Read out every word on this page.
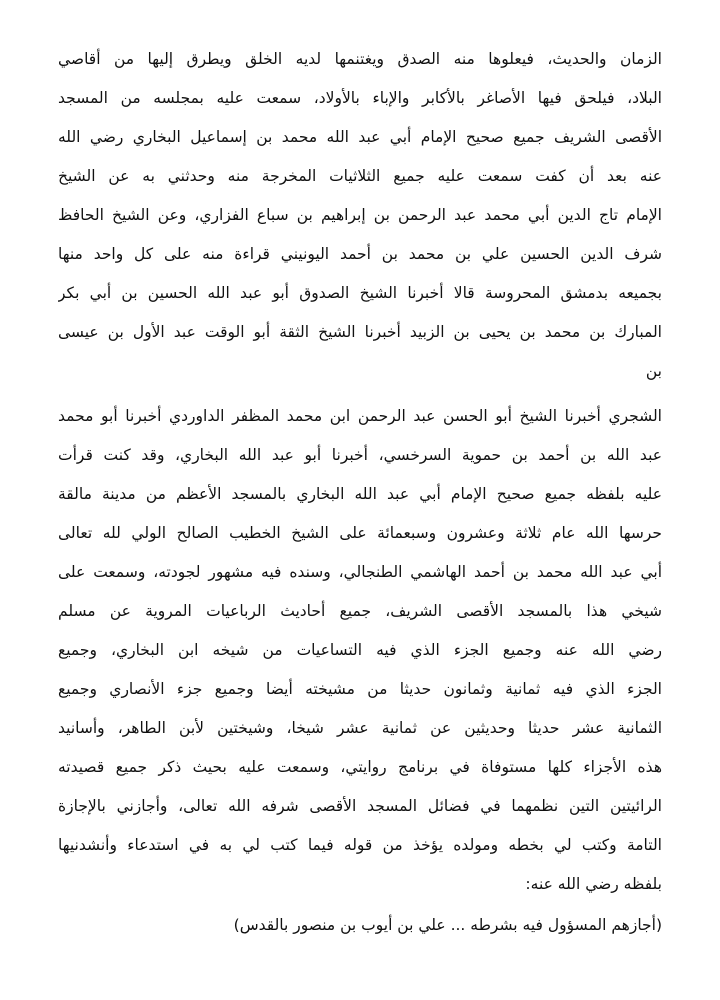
الزمان والحديث، فيعلوها منه الصدق ويغتنمها لديه الخلق ويطرق إليها من أقاصي
البلاد، فيلحق فيها الأصاغر بالأكابر والإباء بالأولاد، سمعت عليه بمجلسه من المسجد
الأقصى الشريف جميع صحيح الإمام أبي عبد الله محمد بن إسماعيل البخاري رضي الله
عنه بعد أن كفت سمعت عليه جميع الثلاثيات المخرجة منه وحدثني به عن الشيخ
الإمام تاج الدين أبي محمد عبد الرحمن بن إبراهيم بن سباع الفزاري، وعن الشيخ الحافظ
شرف الدين الحسين علي بن محمد بن أحمد اليونيني قراءة منه على كل واحد منها
بجميعه بدمشق المحروسة قالا أخبرنا الشيخ الصدوق أبو عبد الله الحسين بن أبي بكر
المبارك بن محمد بن يحيى بن الزبيد أخبرنا الشيخ الثقة أبو الوقت عبد الأول بن عيسى
بن
الشجري أخبرنا الشيخ أبو الحسن عبد الرحمن ابن محمد المظفر الداوردي أخبرنا أبو محمد
عبد الله بن أحمد بن حموية السرخسي، أخبرنا أبو عبد الله البخاري، وقد كنت قرأت
عليه بلفظه جميع صحيح الإمام أبي عبد الله البخاري بالمسجد الأعظم من مدينة مالقة
حرسها الله عام ثلاثة وعشرون وسبعمائة على الشيخ الخطيب الصالح الولي لله تعالى
أبي عبد الله محمد بن أحمد الهاشمي الطنجالي، وسنده فيه مشهور لجودته، وسمعت على
شيخي هذا بالمسجد الأقصى الشريف، جميع أحاديث الرباعيات المروية عن مسلم
رضي الله عنه وجميع الجزء الذي فيه التساعيات من شيخه ابن البخاري، وجميع
الجزء الذي فيه ثمانية وثمانون حديثا من مشيخته أيضا وجميع جزء الأنصاري وجميع
الثمانية عشر حديثا وحديثين عن ثمانية عشر شيخا، وشيختين لأبن الطاهر، وأسانيد
هذه الأجزاء كلها مستوفاة في برنامج روايتي، وسمعت عليه بحيث ذكر جميع قصيدته
الرائيتين التين نظمهما في فضائل المسجد الأقصى شرفه الله تعالى، وأجازني بالإجازة
التامة وكتب لي بخطه ومولده يؤخذ من قوله فيما كتب لي به في استدعاء وأنشدنيها
بلفظه رضي الله عنه:
(أجازهم المسؤول فيه بشرطه ... علي بن أيوب بن منصور بالقدس)
